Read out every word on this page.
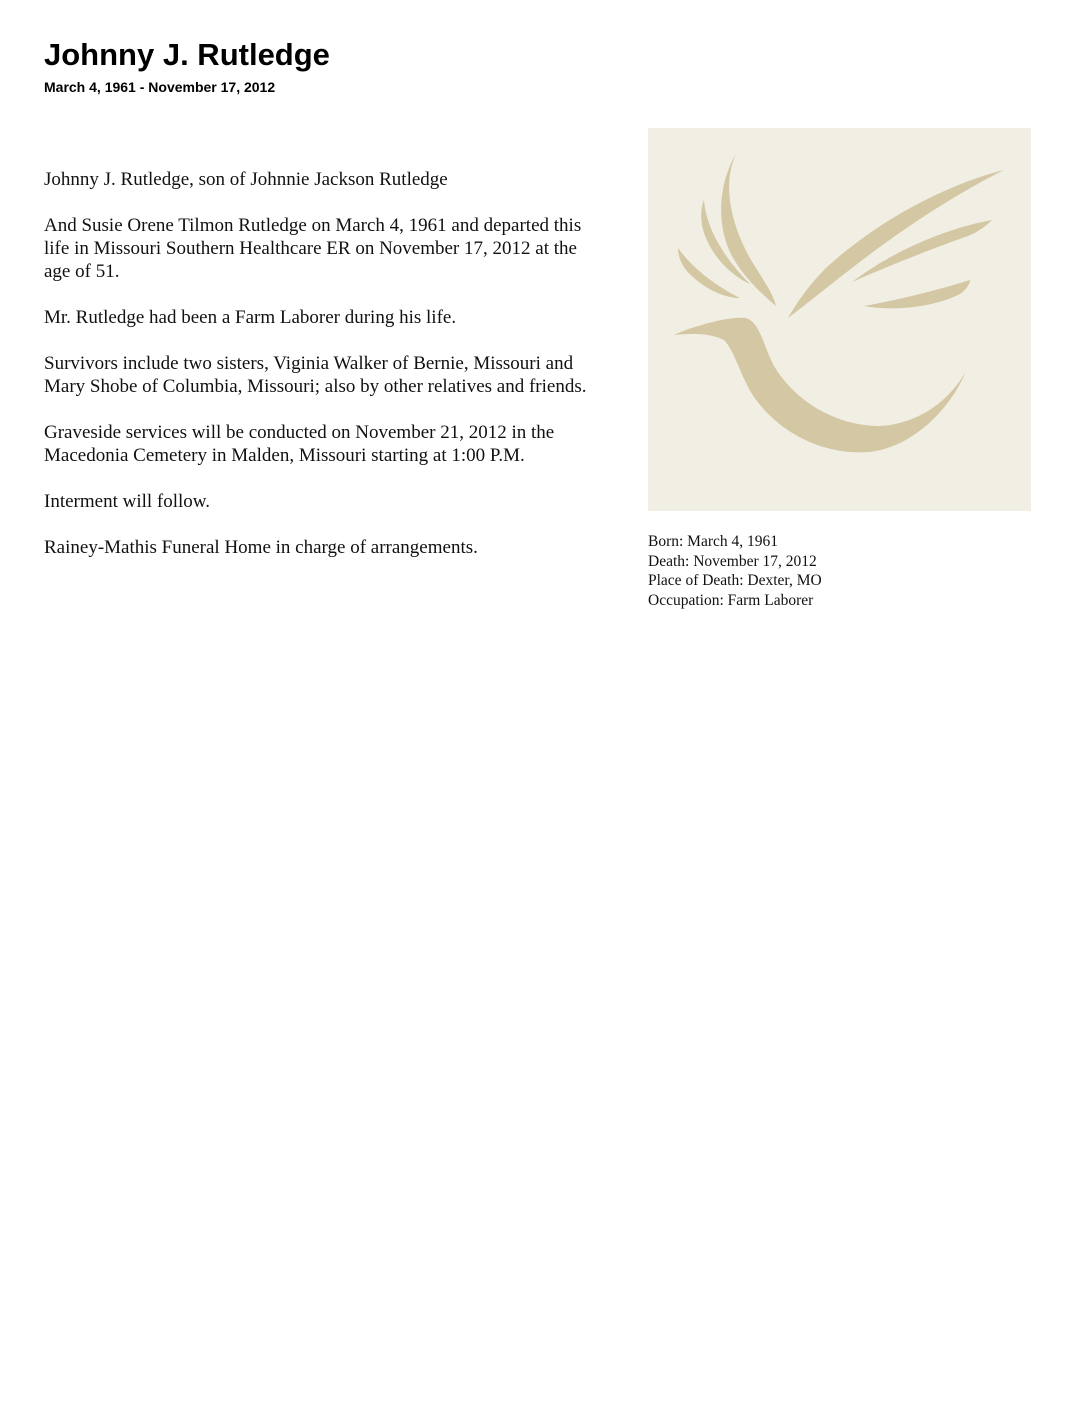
Johnny J. Rutledge
March 4, 1961 - November 17, 2012

Johnny J. Rutledge, son of Johnnie Jackson Rutledge

And Susie Orene Tilmon Rutledge on March 4, 1961 and departed this life in Missouri Southern Healthcare ER on November 17, 2012 at the age of 51.

Mr. Rutledge had been a Farm Laborer during his life.

Survivors include two sisters, Viginia Walker of Bernie, Missouri and Mary Shobe of Columbia, Missouri; also by other relatives and friends.

Graveside services will be conducted on November 21, 2012 in the Macedonia Cemetery in Malden, Missouri starting at 1:00 P.M.

Interment will follow.

Rainey-Mathis Funeral Home in charge of arrangements.	Born: March 4, 1961
Death: November 17, 2012
Place of Death: Dexter, MO
Occupation: Farm Laborer
